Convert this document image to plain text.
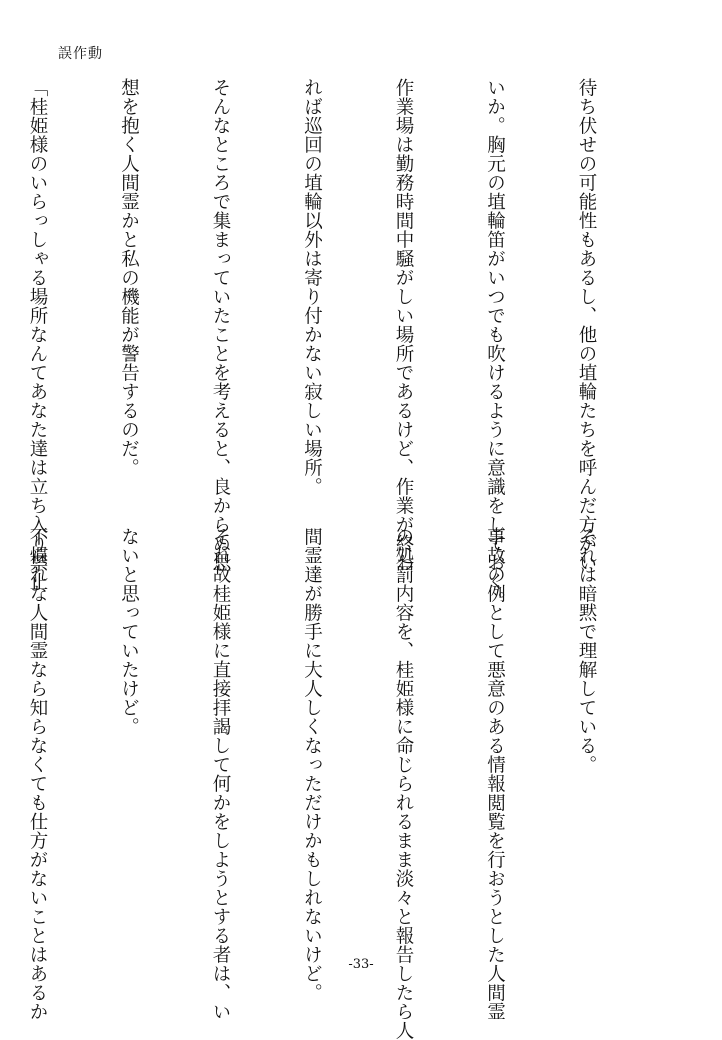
誤作動

待ち伏せの可能性もあるし、他の埴輪たちを呼んだ方がい

いか。胸元の埴輪笛がいつでも吹けるように意識をしておく。

作業場は勤務時間中騒がしい場所であるけど、作業が終わ

れば巡回の埴輪以外は寄り付かない寂しい場所。

そんなところで集まっていたことを考えると、良からぬ思

想を抱く人間霊かと私の機能が警告するのだ。

「桂姫様のいらっしゃる場所なんてあなた達は立ち入り禁止

それは暗黙で理解している。

事故の例として悪意のある情報閲覧を行おうとした人間霊

の処罰内容を、桂姫様に命じられるまま淡々と報告したら人

間霊達が勝手に大人しくなっただけかもしれないけど。

それ故桂姫様に直接拝謁して何かをしようとする者は、い

ないと思っていたけど。

不慣れな人間霊なら知らなくても仕方がないことはあるか

	-33-
